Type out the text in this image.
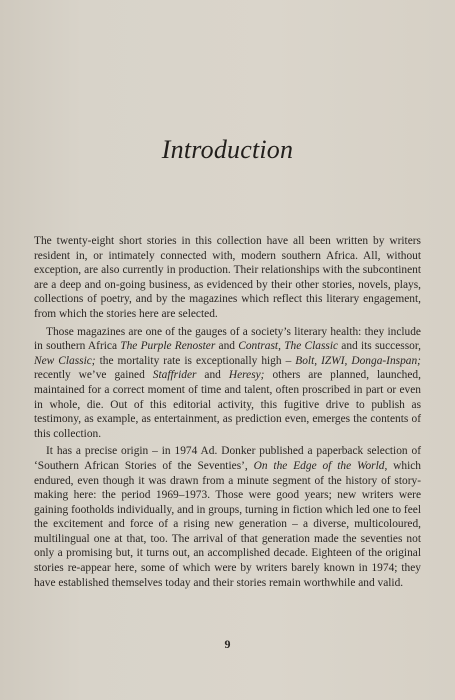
Introduction

The twenty-eight short stories in this collection have all been written by writers resident in, or intimately connected with, modern southern Africa. All, without exception, are also currently in production. Their relationships with the subcontinent are a deep and on-going business, as evidenced by their other stories, novels, plays, collections of poetry, and by the magazines which reflect this literary engagement, from which the stories here are selected.

Those magazines are one of the gauges of a society’s literary health: they include in southern Africa The Purple Renoster and Contrast, The Classic and its successor, New Classic; the mortality rate is exceptionally high – Bolt, IZWI, Donga-Inspan; recently we’ve gained Staffrider and Heresy; others are planned, launched, maintained for a correct moment of time and talent, often proscribed in part or even in whole, die. Out of this editorial activity, this fugitive drive to publish as testimony, as example, as entertainment, as prediction even, emerges the contents of this collection.

It has a precise origin – in 1974 Ad. Donker published a paperback selection of ‘Southern African Stories of the Seventies’, On the Edge of the World, which endured, even though it was drawn from a minute segment of the history of story-making here: the period 1969–1973. Those were good years; new writers were gaining footholds individually, and in groups, turning in fiction which led one to feel the excitement and force of a rising new generation – a diverse, multicoloured, multilingual one at that, too. The arrival of that generation made the seventies not only a promising but, it turns out, an accomplished decade. Eighteen of the original stories re-appear here, some of which were by writers barely known in 1974; they have established themselves today and their stories remain worthwhile and valid.

9
